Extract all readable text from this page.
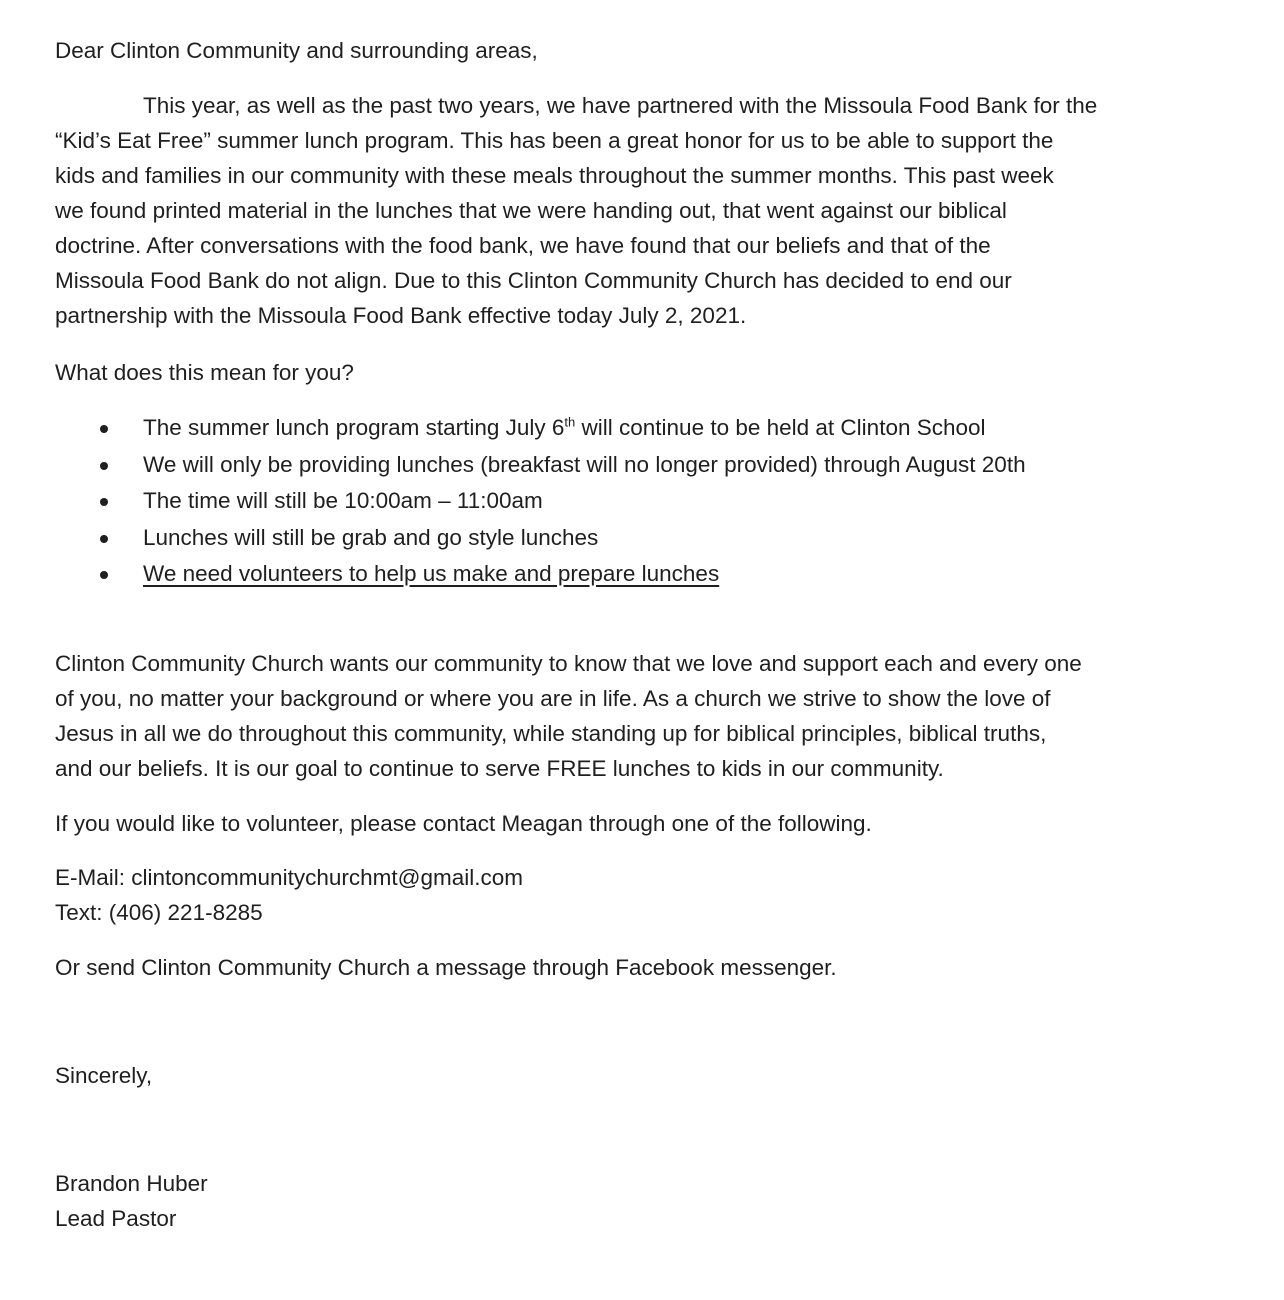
Dear Clinton Community and surrounding areas,
This year, as well as the past two years, we have partnered with the Missoula Food Bank for the
“Kid’s Eat Free” summer lunch program. This has been a great honor for us to be able to support the
kids and families in our community with these meals throughout the summer months. This past week
we found printed material in the lunches that we were handing out, that went against our biblical
doctrine. After conversations with the food bank, we have found that our beliefs and that of the
Missoula Food Bank do not align. Due to this Clinton Community Church has decided to end our
partnership with the Missoula Food Bank effective today July 2, 2021.
What does this mean for you?
The summer lunch program starting July 6th will continue to be held at Clinton School
We will only be providing lunches (breakfast will no longer provided) through August 20th
The time will still be 10:00am – 11:00am
Lunches will still be grab and go style lunches
We need volunteers to help us make and prepare lunches
Clinton Community Church wants our community to know that we love and support each and every one
of you, no matter your background or where you are in life. As a church we strive to show the love of
Jesus in all we do throughout this community, while standing up for biblical principles, biblical truths,
and our beliefs. It is our goal to continue to serve FREE lunches to kids in our community.
If you would like to volunteer, please contact Meagan through one of the following.
E-Mail: clintoncommunitychurchmt@gmail.com
Text: (406) 221-8285
Or send Clinton Community Church a message through Facebook messenger.
Sincerely,
Brandon Huber
Lead Pastor
